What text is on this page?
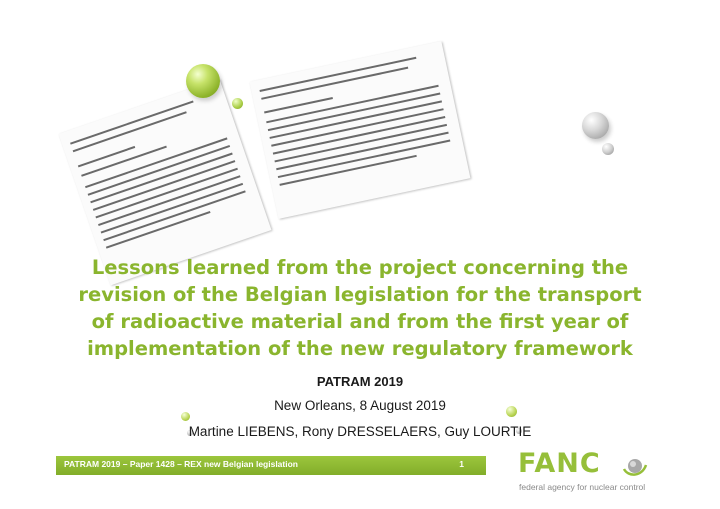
Lessons learned from the project concerning the
revision of the Belgian legislation for the transport
of radioactive material and from the first year of
implementation of the new regulatory framework
PATRAM 2019
New Orleans, 8 August 2019
Martine LIEBENS, Rony DRESSELAERS, Guy LOURTIE
PATRAM 2019 – Paper 1428 – REX new Belgian legislation	1 FANC
federal agency for nuclear control
